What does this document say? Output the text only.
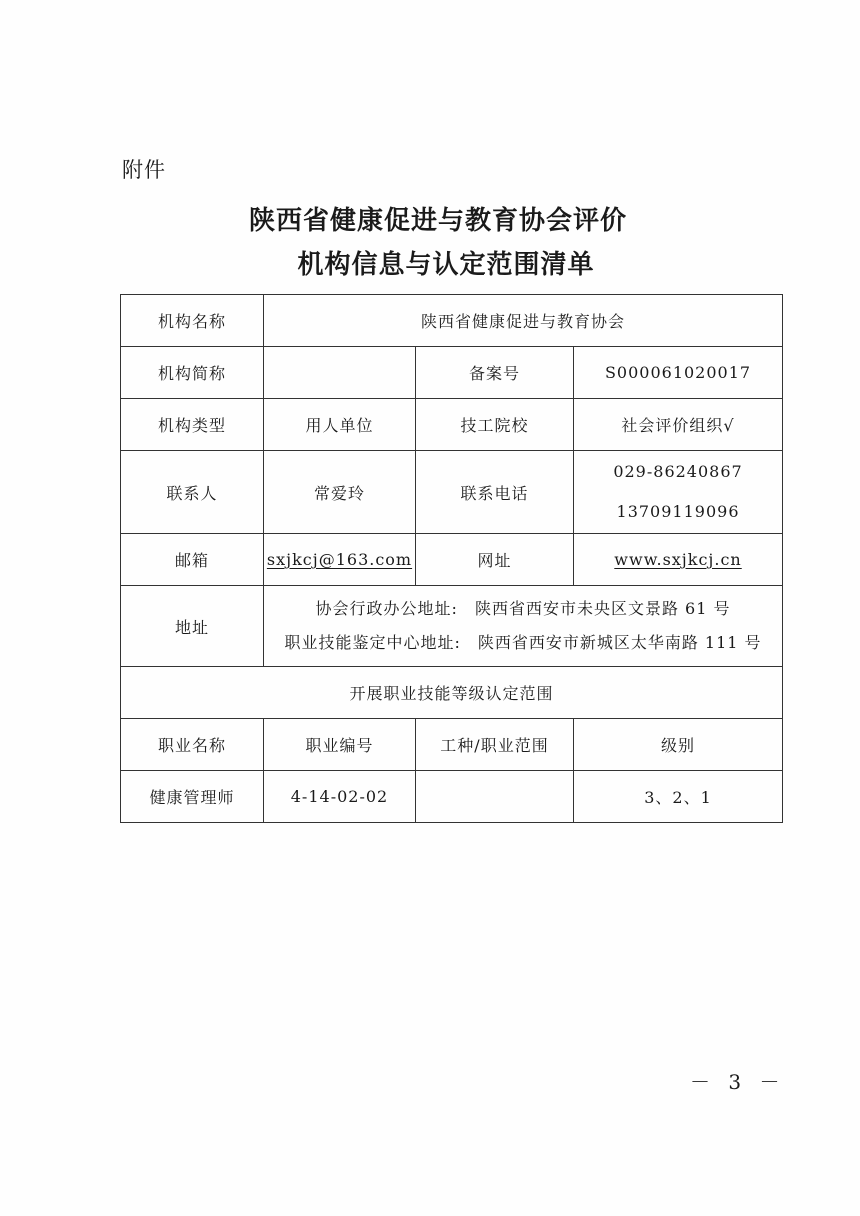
附件
陕西省健康促进与教育协会评价
机构信息与认定范围清单
机构名称	陕西省健康促进与教育协会		
机构简称		备案号	S000061020017
机构类型	用人单位	技工院校	社会评价组织√
联系人	常爱玲	联系电话	029-86240867
13709119096

邮箱	sxjkcj@163.com	网址	www.sxjkcj.cn
地址	协会行政办公地址:　陕西省西安市未央区文景路 61 号
职业技能鉴定中心地址:　陕西省西安市新城区太华南路 111 号		

开展职业技能等级认定范围			
职业名称	职业编号	工种/职业范围	级别
健康管理师	4-14-02-02		3、2、1
－ 3 －
